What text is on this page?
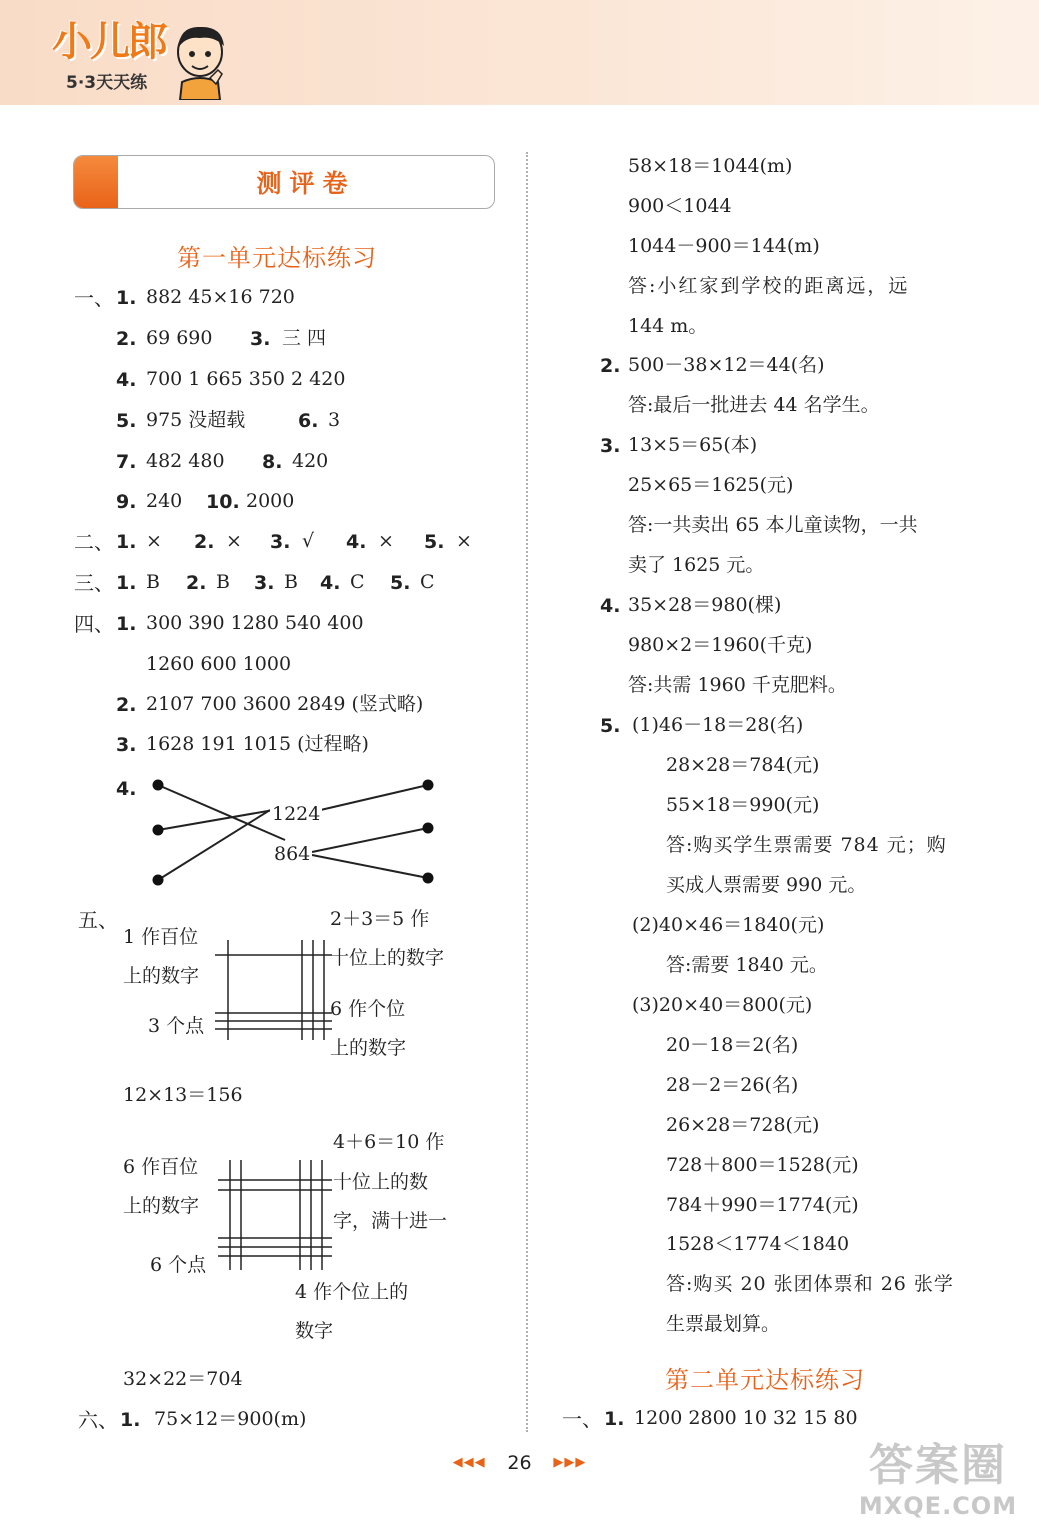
小儿郎
5·3天天练
测评卷
第一单元达标练习
一、 1. 882 45×16 720
2. 69 690 3. 三 四
4. 700 1 665 350 2 420
5. 975 没超载	6. 3
7. 482 480 8. 420
9. 240 10. 2000
二、 1. × 2. × 3. √ 4. × 5. ×
三、 1. B 2. B 3. B 4. C 5. C
四、 1. 300 390 1280 540 400
1260 600 1000
2. 2107 700 3600 2849 (竖式略)
3. 1628 191 1015 (过程略)
4.
1224
864
五、
1 作百位
上的数字
3 个点
2＋3＝5 作
十位上的数字
6 作个位
上的数字
12×13＝156
4＋6＝10 作
十位上的数
字，满十进一
6 作百位
上的数字
6 个点
4 作个位上的
数字
32×22＝704
六、 1. 75×12＝900(m)
58×18＝1044(m)
900＜1044
1044－900＝144(m)
答:小红家到学校的距离远，远
144 m。
2. 500－38×12＝44(名)
答:最后一批进去 44 名学生。
3. 13×5＝65(本)
25×65＝1625(元)
答:一共卖出 65 本儿童读物，一共
卖了 1625 元。
4. 35×28＝980(棵)
980×2＝1960(千克)
答:共需 1960 千克肥料。
5. (1)46－18＝28(名)
28×28＝784(元)
55×18＝990(元)
答:购买学生票需要 784 元；购
买成人票需要 990 元。
(2)40×46＝1840(元)
答:需要 1840 元。
(3)20×40＝800(元)
20－18＝2(名)
28－2＝26(名)
26×28＝728(元)
728＋800＝1528(元)
784＋990＝1774(元)
1528＜1774＜1840
答:购买 20 张团体票和 26 张学
生票最划算。
第二单元达标练习
一、 1. 1200 2800 10 32 15 80
◀◀◀ 26 ▶▶▶	答案圈
MXQE.COM
